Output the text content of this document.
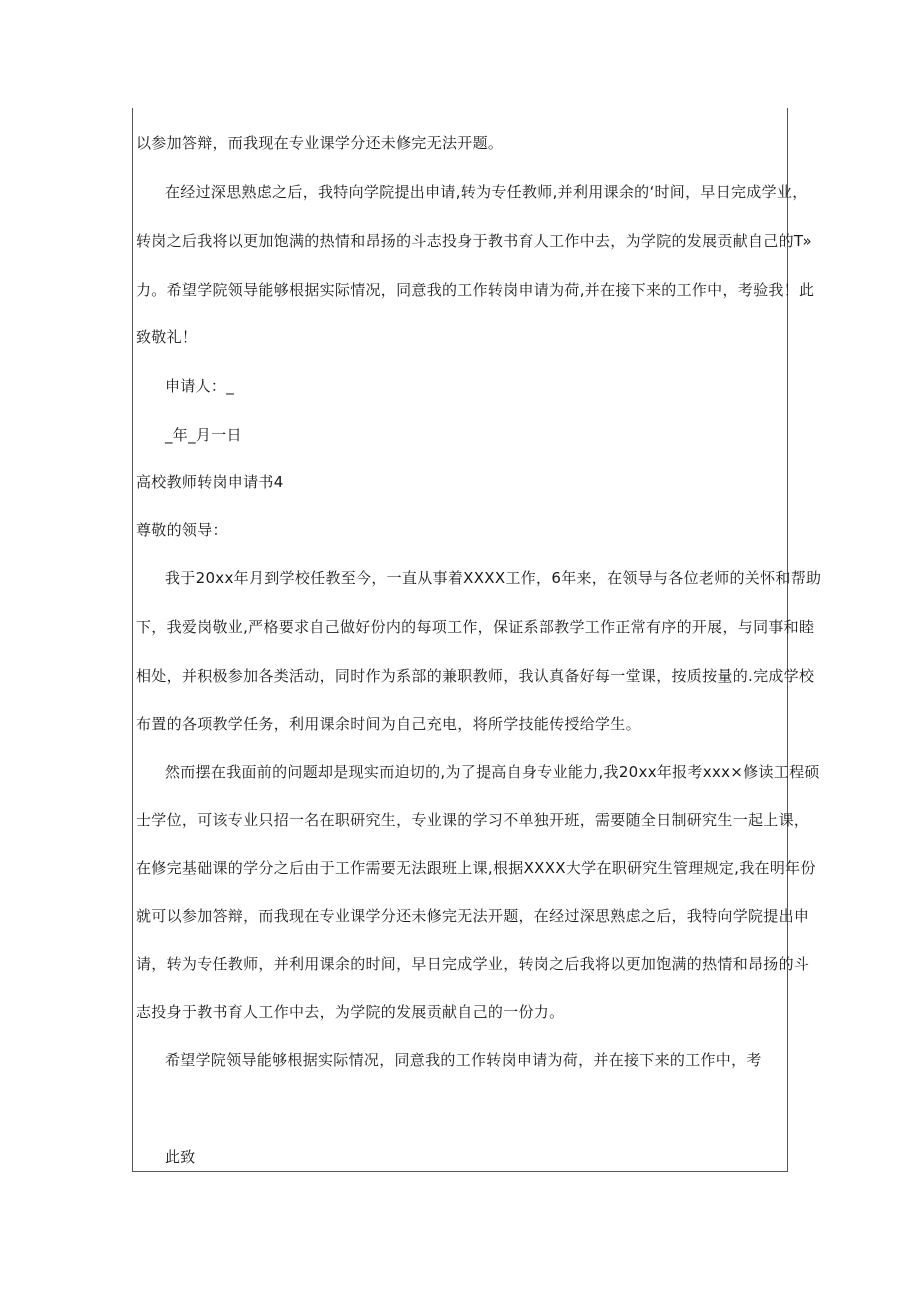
以参加答辩，而我现在专业课学分还未修完无法开题。

在经过深思熟虑之后，我特向学院提出申请,转为专任教师,并利用课余的‘时间，早日完成学业，

转岗之后我将以更加饱满的热情和昂扬的斗志投身于教书育人工作中去，为学院的发展贡献自己的T»

力。希望学院领导能够根据实际情况，同意我的工作转岗申请为荷,并在接下来的工作中，考验我！此

致敬礼！

申请人：_

_年_月一日

高校教师转岗申请书4

尊敬的领导：

我于20xx年月到学校任教至今，一直从事着XXXX工作，6年来，在领导与各位老师的关怀和帮助

下，我爱岗敬业,严格要求自己做好份内的每项工作，保证系部教学工作正常有序的开展，与同事和睦

相处，并积极参加各类活动，同时作为系部的兼职教师，我认真备好每一堂课，按质按量的.完成学校

布置的各项教学任务，利用课余时间为自己充电，将所学技能传授给学生。

然而摆在我面前的问题却是现实而迫切的,为了提高自身专业能力,我20xx年报考xxx×修读工程硕

士学位，可该专业只招一名在职研究生，专业课的学习不单独开班，需要随全日制研究生一起上课，

在修完基础课的学分之后由于工作需要无法跟班上课,根据XXXX大学在职研究生管理规定,我在明年份

就可以参加答辩，而我现在专业课学分还未修完无法开题，在经过深思熟虑之后，我特向学院提出申

请，转为专任教师，并利用课余的时间，早日完成学业，转岗之后我将以更加饱满的热情和昂扬的斗

志投身于教书育人工作中去，为学院的发展贡献自己的一份力。

希望学院领导能够根据实际情况，同意我的工作转岗申请为荷，并在接下来的工作中，考

此致
